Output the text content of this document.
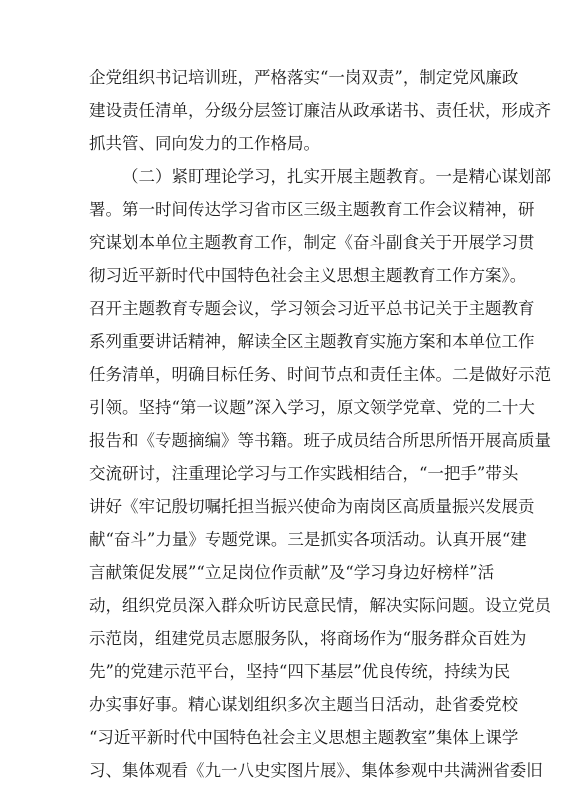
企党组织书记培训班，严格落实“一岗双责”，制定党风廉政
建设责任清单，分级分层签订廉洁从政承诺书、责任状，形成齐
抓共管、同向发力的工作格局。
（二）紧盯理论学习，扎实开展主题教育。一是精心谋划部
署。第一时间传达学习省市区三级主题教育工作会议精神，研
究谋划本单位主题教育工作，制定《奋斗副食关于开展学习贯
彻习近平新时代中国特色社会主义思想主题教育工作方案》。
召开主题教育专题会议，学习领会习近平总书记关于主题教育
系列重要讲话精神，解读全区主题教育实施方案和本单位工作
任务清单，明确目标任务、时间节点和责任主体。二是做好示范
引领。坚持“第一议题”深入学习，原文领学党章、党的二十大
报告和《专题摘编》等书籍。班子成员结合所思所悟开展高质量
交流研讨，注重理论学习与工作实践相结合，“一把手”带头
讲好《牢记殷切嘱托担当振兴使命为南岗区高质量振兴发展贡
献“奋斗”力量》专题党课。三是抓实各项活动。认真开展“建
言献策促发展”“立足岗位作贡献”及“学习身边好榜样”活
动，组织党员深入群众听访民意民情，解决实际问题。设立党员
示范岗，组建党员志愿服务队，将商场作为“服务群众百姓为
先”的党建示范平台，坚持“四下基层”优良传统，持续为民
办实事好事。精心谋划组织多次主题当日活动，赴省委党校
“习近平新时代中国特色社会主义思想主题教室”集体上课学
习、集体观看《九一八史实图片展》、集体参观中共满洲省委旧
